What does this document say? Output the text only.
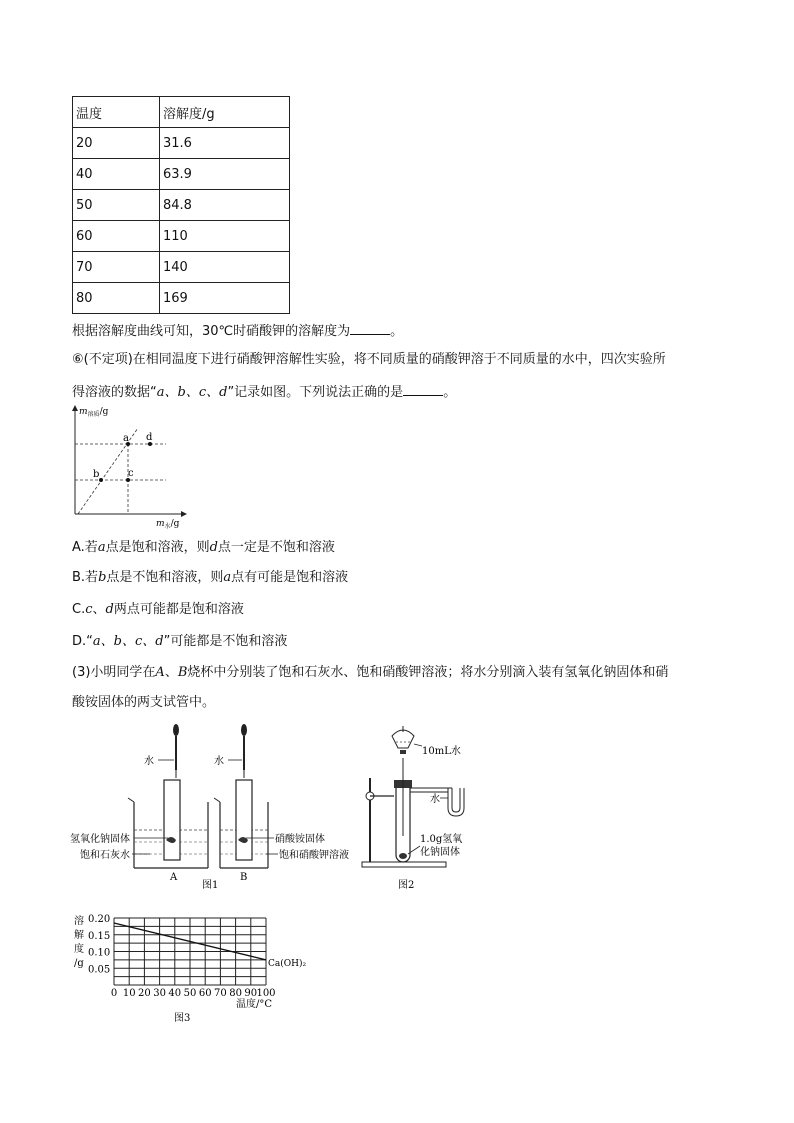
温度	溶解度/g
20	31.6
40	63.9
50	84.8
60	110
70	140
80	169
根据溶解度曲线可知，30℃时硝酸钾的溶解度为	。
⑥(不定项)在相同温度下进行硝酸钾溶解性实验，将不同质量的硝酸钾溶于不同质量的水中，四次实验所
得溶液的数据“a、b、c、d”记录如图。下列说法正确的是	。
a d
b	c
$m_{溶质}/g$
$m_水/g$
A.若a点是饱和溶液，则d点一定是不饱和溶液
B.若b点是不饱和溶液，则a点有可能是饱和溶液
C.c、d两点可能都是饱和溶液
D.“a、b、c、d”可能都是不饱和溶液
(3)小明同学在A、B烧杯中分别装了饱和石灰水、饱和硝酸钾溶液；将水分别滴入装有氢氧化钠固体和硝
酸铵固体的两支试管中。
水	水
氢氧化钠固体
饱和石灰水
硝酸铵固体
饱和硝酸钾溶液
A	B
图1
10mL水
水
1.0g氢氧
化钠固体
图2
溶
解
度
/g
0.20
0.15
0.10
0.05
0 10 20 30 40 50 60 70 80 90 100
温度/°C
Ca(OH)₂
图3
